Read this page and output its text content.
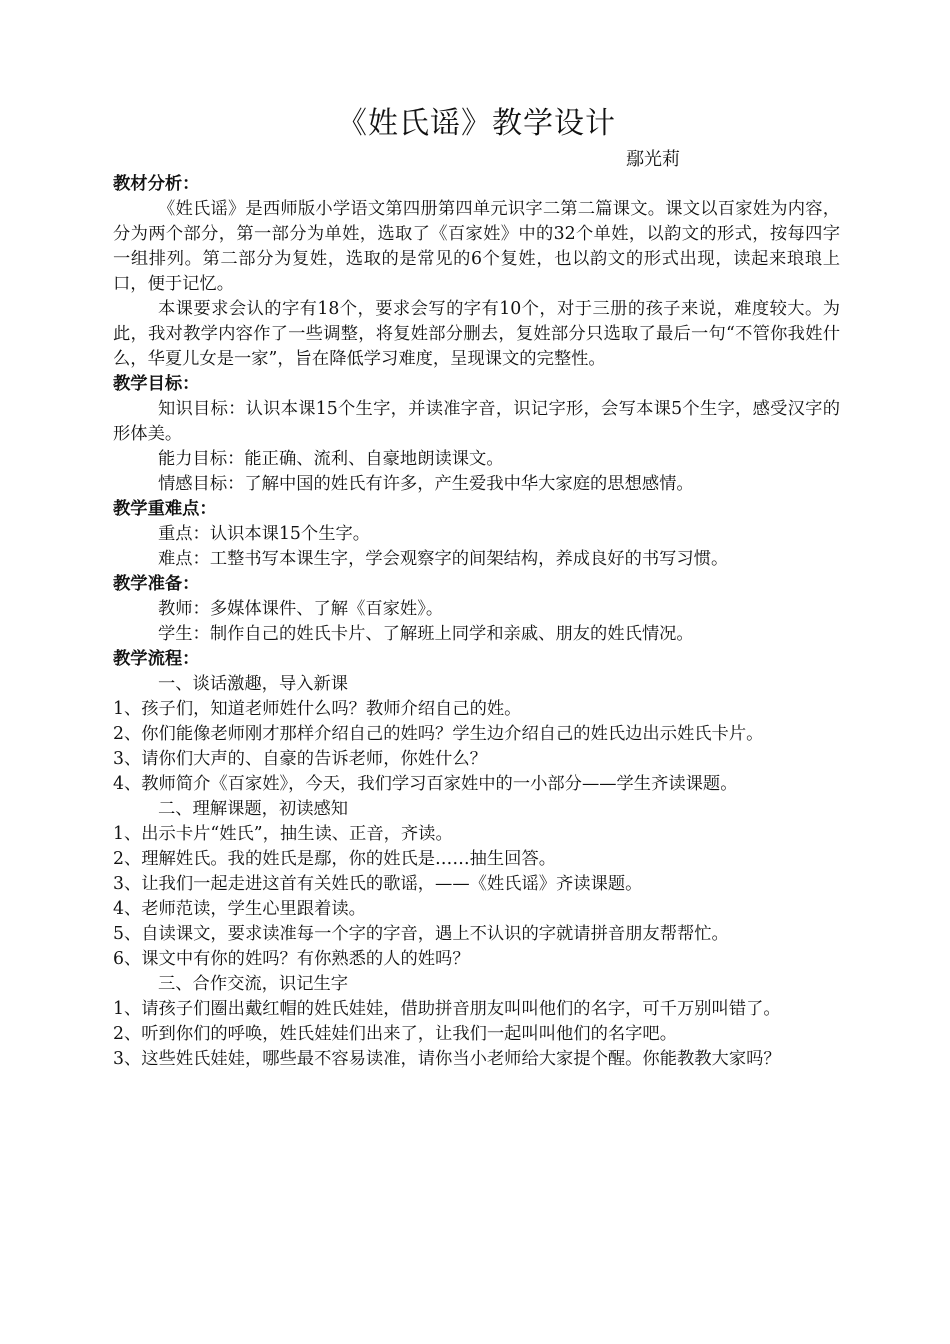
《姓氏谣》教学设计
鄢光莉

教材分析：

《姓氏谣》是西师版小学语文第四册第四单元识字二第二篇课文。课文以百家姓为内容，分为两个部分，第一部分为单姓，选取了《百家姓》中的32个单姓，以韵文的形式，按每四字一组排列。第二部分为复姓，选取的是常见的6个复姓，也以韵文的形式出现，读起来琅琅上口，便于记忆。

本课要求会认的字有18个，要求会写的字有10个，对于三册的孩子来说，难度较大。为此，我对教学内容作了一些调整，将复姓部分删去，复姓部分只选取了最后一句“不管你我姓什么，华夏儿女是一家”，旨在降低学习难度，呈现课文的完整性。

教学目标：

知识目标：认识本课15个生字，并读准字音，识记字形，会写本课5个生字，感受汉字的形体美。

能力目标：能正确、流利、自豪地朗读课文。

情感目标：了解中国的姓氏有许多，产生爱我中华大家庭的思想感情。

教学重难点：

重点：认识本课15个生字。

难点：工整书写本课生字，学会观察字的间架结构，养成良好的书写习惯。

教学准备：

教师：多媒体课件、了解《百家姓》。

学生：制作自己的姓氏卡片、了解班上同学和亲戚、朋友的姓氏情况。

教学流程：

一、谈话激趣，导入新课

1、孩子们，知道老师姓什么吗？教师介绍自己的姓。

2、你们能像老师刚才那样介绍自己的姓吗？学生边介绍自己的姓氏边出示姓氏卡片。

3、请你们大声的、自豪的告诉老师，你姓什么？

4、教师简介《百家姓》，今天，我们学习百家姓中的一小部分——学生齐读课题。

二、理解课题，初读感知

1、出示卡片“姓氏”，抽生读、正音，齐读。

2、理解姓氏。我的姓氏是鄢，你的姓氏是……抽生回答。

3、让我们一起走进这首有关姓氏的歌谣，——《姓氏谣》齐读课题。

4、老师范读，学生心里跟着读。

5、自读课文，要求读准每一个字的字音，遇上不认识的字就请拼音朋友帮帮忙。

6、课文中有你的姓吗？有你熟悉的人的姓吗？

三、合作交流，识记生字

1、请孩子们圈出戴红帽的姓氏娃娃，借助拼音朋友叫叫他们的名字，可千万别叫错了。

2、听到你们的呼唤，姓氏娃娃们出来了，让我们一起叫叫他们的名字吧。

3、这些姓氏娃娃，哪些最不容易读准，请你当小老师给大家提个醒。你能教教大家吗？
